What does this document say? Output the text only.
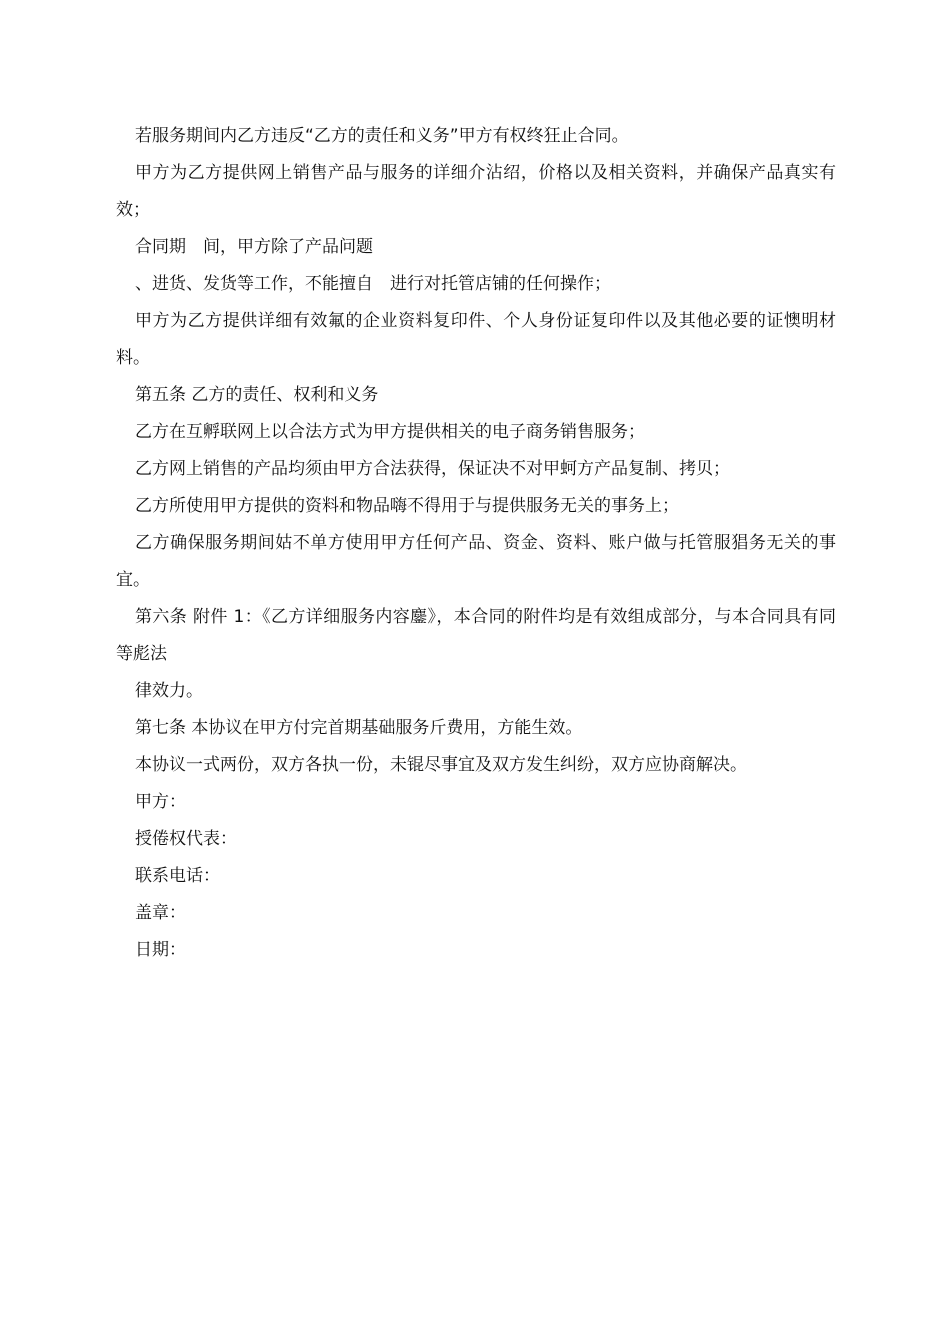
若服务期间内乙方违反“乙方的责任和义务”甲方有权终狂止合同。

甲方为乙方提供网上销售产品与服务的详细介沾绍，价格以及相关资料，并确保产品真实有效；

合同期　间，甲方除了产品问题

、进货、发货等工作，不能擅自　进行对托管店铺的任何操作；

甲方为乙方提供详细有效氟的企业资料复印件、个人身份证复印件以及其他必要的证懊明材料。

第五条 乙方的责任、权利和义务

乙方在互孵联网上以合法方式为甲方提供相关的电子商务销售服务；

乙方网上销售的产品均须由甲方合法获得，保证决不对甲蚵方产品复制、拷贝；

乙方所使用甲方提供的资料和物品嗨不得用于与提供服务无关的事务上；

乙方确保服务期间姑不单方使用甲方任何产品、资金、资料、账户做与托管服猖务无关的事宜。

第六条 附件 1：《乙方详细服务内容鏖》，本合同的附件均是有效组成部分，与本合同具有同等彪法

律效力。

第七条 本协议在甲方付完首期基础服务斤费用，方能生效。

本协议一式两份，双方各执一份，未锟尽事宜及双方发生纠纷，双方应协商解决。

甲方：

授倦权代表：

联系电话：

盖章：

日期：
